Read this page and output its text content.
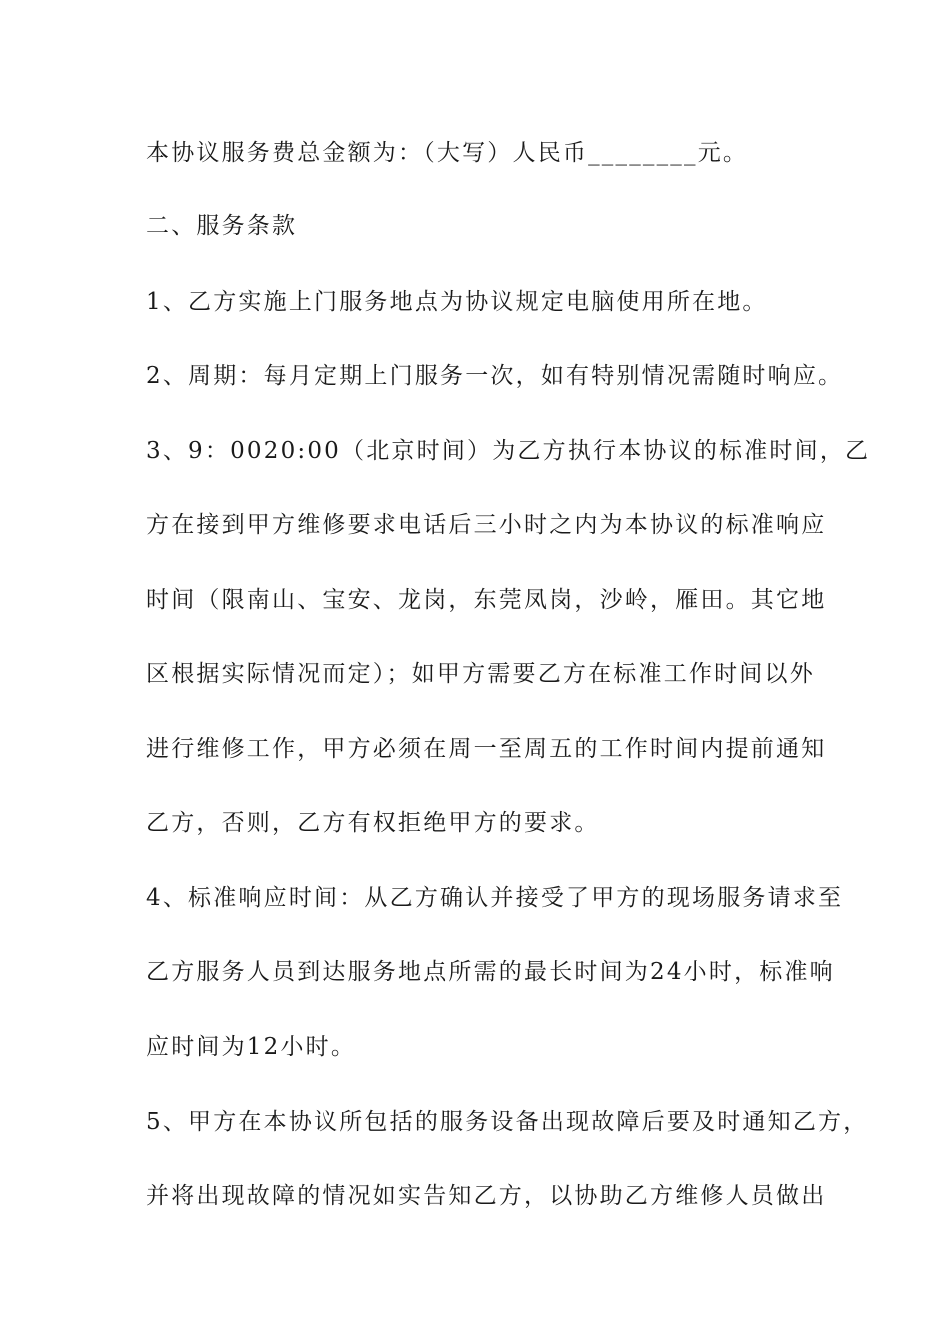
本协议服务费总金额为：（大写）人民币________元。
二、服务条款
1、乙方实施上门服务地点为协议规定电脑使用所在地。
2、周期：每月定期上门服务一次，如有特别情况需随时响应。
3、9：0020:00（北京时间）为乙方执行本协议的标准时间，乙
方在接到甲方维修要求电话后三小时之内为本协议的标准响应
时间（限南山、宝安、龙岗，东莞凤岗，沙岭，雁田。其它地
区根据实际情况而定）；如甲方需要乙方在标准工作时间以外
进行维修工作，甲方必须在周一至周五的工作时间内提前通知
乙方，否则，乙方有权拒绝甲方的要求。
4、标准响应时间：从乙方确认并接受了甲方的现场服务请求至
乙方服务人员到达服务地点所需的最长时间为24小时，标准响
应时间为12小时。
5、甲方在本协议所包括的服务设备出现故障后要及时通知乙方，
并将出现故障的情况如实告知乙方，以协助乙方维修人员做出
